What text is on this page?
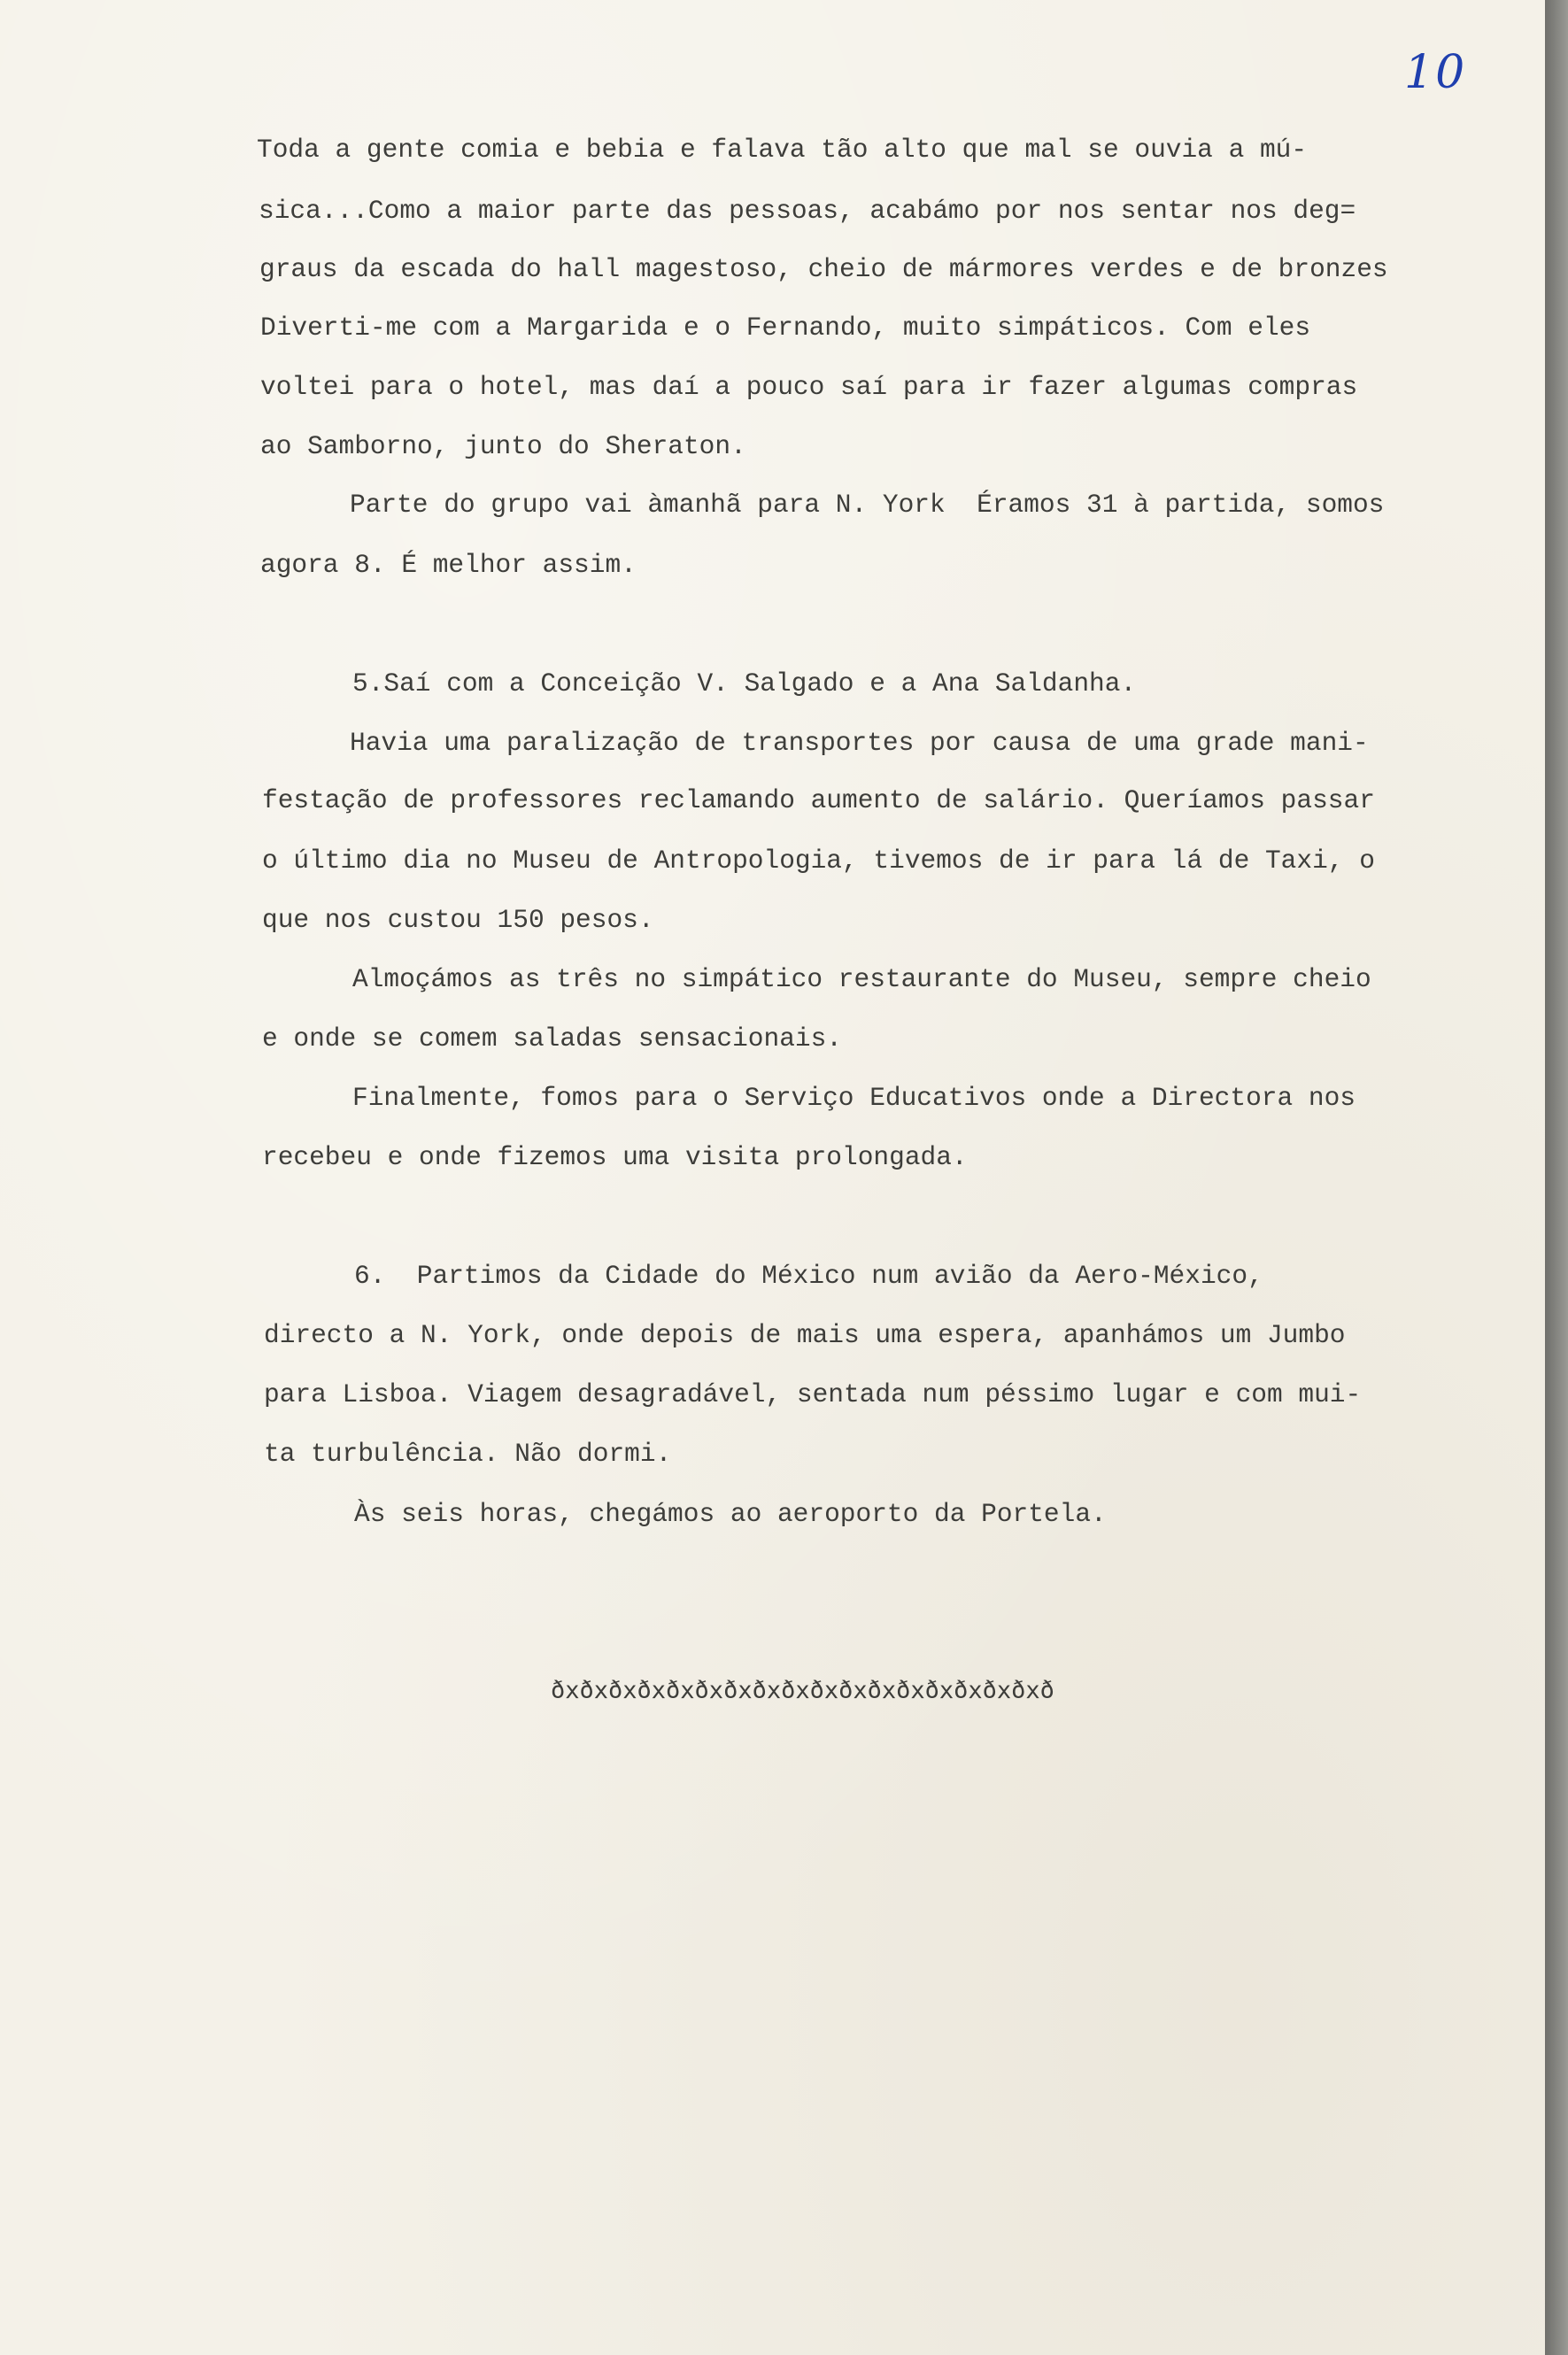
10
Toda a gente comia e bebia e falava tão alto que mal se ouvia a mú-
sica...Como a maior parte das pessoas, acabámo por nos sentar nos deg=
graus da escada do hall magestoso, cheio de mármores verdes e de bronzes
Diverti-me com a Margarida e o Fernando, muito simpáticos. Com eles
voltei para o hotel, mas daí a pouco saí para ir fazer algumas compras
ao Samborno, junto do Sheraton.
Parte do grupo vai àmanhã para N. York  Éramos 31 à partida, somos
agora 8. É melhor assim.
5.Saí com a Conceição V. Salgado e a Ana Saldanha.
Havia uma paralização de transportes por causa de uma grade mani-
festação de professores reclamando aumento de salário. Queríamos passar
o último dia no Museu de Antropologia, tivemos de ir para lá de Taxi, o
que nos custou 150 pesos.
Almoçámos as três no simpático restaurante do Museu, sempre cheio
e onde se comem saladas sensacionais.
Finalmente, fomos para o Serviço Educativos onde a Directora nos
recebeu e onde fizemos uma visita prolongada.
6.  Partimos da Cidade do México num avião da Aero-México,
directo a N. York, onde depois de mais uma espera, apanhámos um Jumbo
para Lisboa. Viagem desagradável, sentada num péssimo lugar e com mui-
ta turbulência. Não dormi.
Às seis horas, chegámos ao aeroporto da Portela.
ðxðxðxðxðxðxðxðxðxðxðxðxðxðxðxðxðxð
